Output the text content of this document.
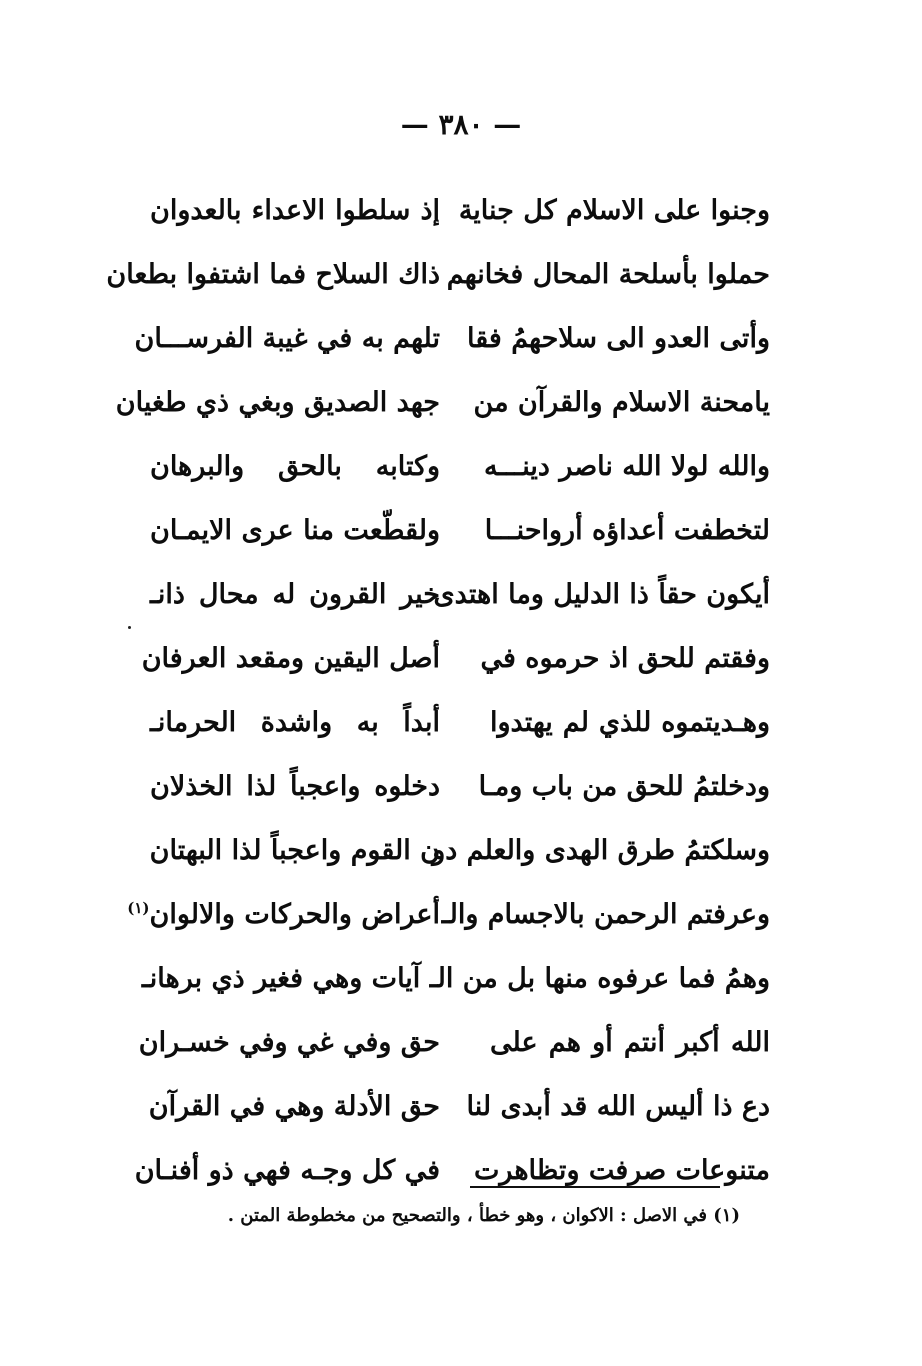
— ٣٨٠ —
وجنوا على الاسلام كل جناية
إذ سلطوا الاعداء بالعدوان
حملوا بأسلحة المحال فخانهم
ذاك السلاح فما اشتفوا بطعان
وأتى العدو الى سلاحهمُ فقا
تلهم به في غيبة الفرســـان
يامحنة الاسلام والقرآن من
جهد الصديق وبغي ذي طغيان
والله لولا الله ناصر دينـــه
وكتابه بالحق والبرهان
لتخطفت أعداؤه أرواحنـــا
ولقطّعت منا عرى الايمـان
أيكون حقاً ذا الدليل وما اهتدى
خير القرون له محال ذانـ
وفقتم للحق اذ حرموه في
أصل اليقين ومقعد العرفان
وهـديتموه للذي لم يهتدوا
أبداً به واشدة الحرمانـ
ودخلتمُ للحق من باب ومـا
دخلوه واعجباً لذا الخذلان
وسلكتمُ طرق الهدى والعلم دو
ن القوم واعجباً لذا البهتان
وعرفتم الرحمن بالاجسام والـ
أعراض والحركات والالوان$^{(١)}$
وهمُ فما عرفوه منها بل من الـ آيات وهي فغير ذي برهانـ
الله أكبر أنتم أو هم على
حق وفي غي وفي خسـران
دع ذا أليس الله قد أبدى لنا
حق الأدلة وهي في القرآن
متنوعات صرفت وتظاهرت
في كل وجـه فهي ذو أفنـان
(١) في الاصل : الاكوان ، وهو خطأ ، والتصحيح من مخطوطة المتن .
